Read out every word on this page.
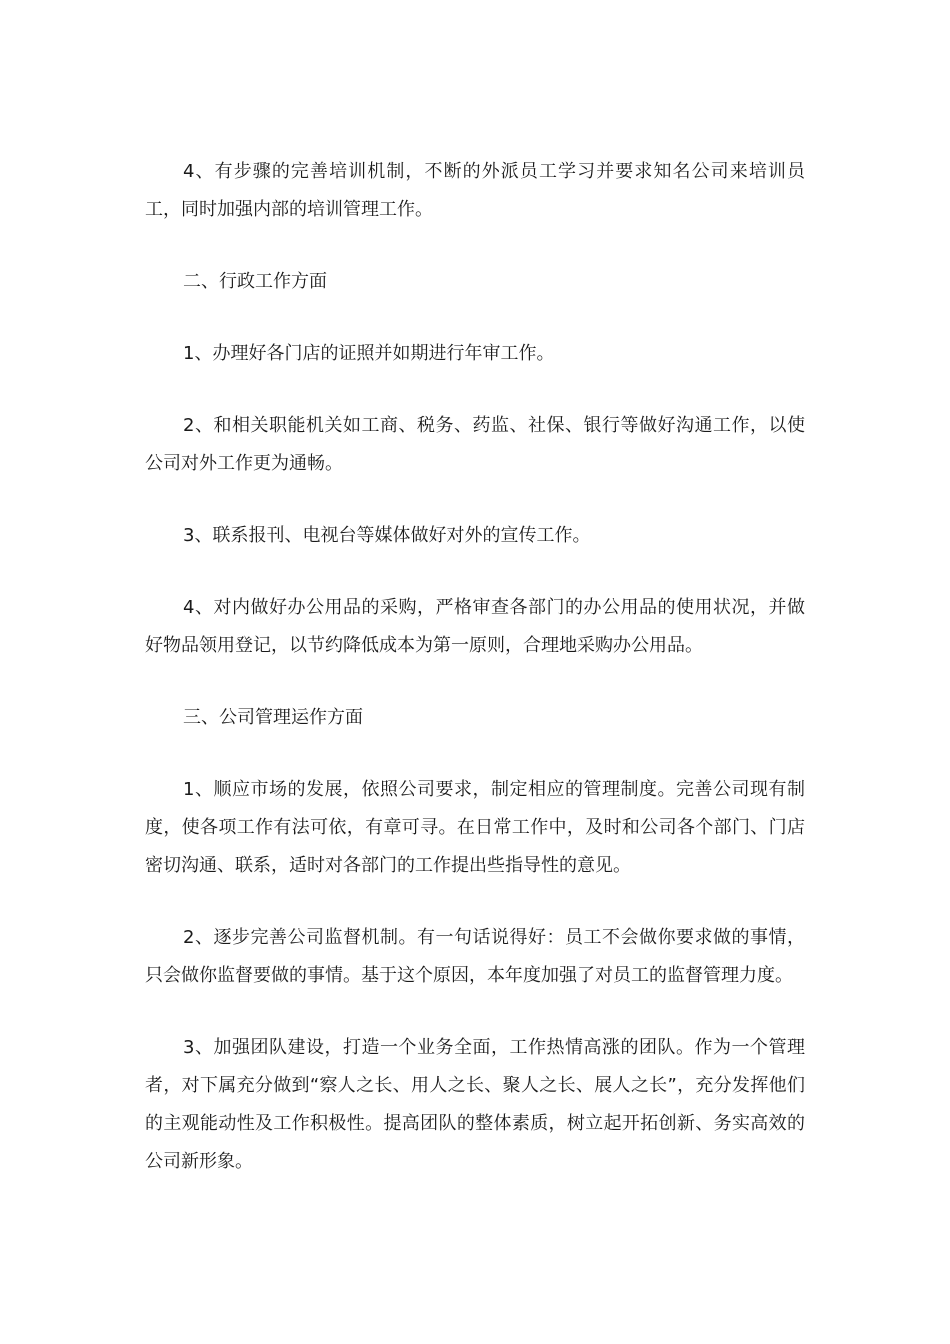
4、有步骤的完善培训机制，不断的外派员工学习并要求知名公司来培训员工，同时加强内部的培训管理工作。

二、行政工作方面

1、办理好各门店的证照并如期进行年审工作。

2、和相关职能机关如工商、税务、药监、社保、银行等做好沟通工作，以使公司对外工作更为通畅。

3、联系报刊、电视台等媒体做好对外的宣传工作。

4、对内做好办公用品的采购，严格审查各部门的办公用品的使用状况，并做好物品领用登记，以节约降低成本为第一原则，合理地采购办公用品。

三、公司管理运作方面

1、顺应市场的发展，依照公司要求，制定相应的管理制度。完善公司现有制度，使各项工作有法可依，有章可寻。在日常工作中，及时和公司各个部门、门店密切沟通、联系，适时对各部门的工作提出些指导性的意见。

2、逐步完善公司监督机制。有一句话说得好：员工不会做你要求做的事情，只会做你监督要做的事情。基于这个原因，本年度加强了对员工的监督管理力度。

3、加强团队建设，打造一个业务全面，工作热情高涨的团队。作为一个管理者，对下属充分做到“察人之长、用人之长、聚人之长、展人之长”，充分发挥他们的主观能动性及工作积极性。提高团队的整体素质，树立起开拓创新、务实高效的公司新形象。
